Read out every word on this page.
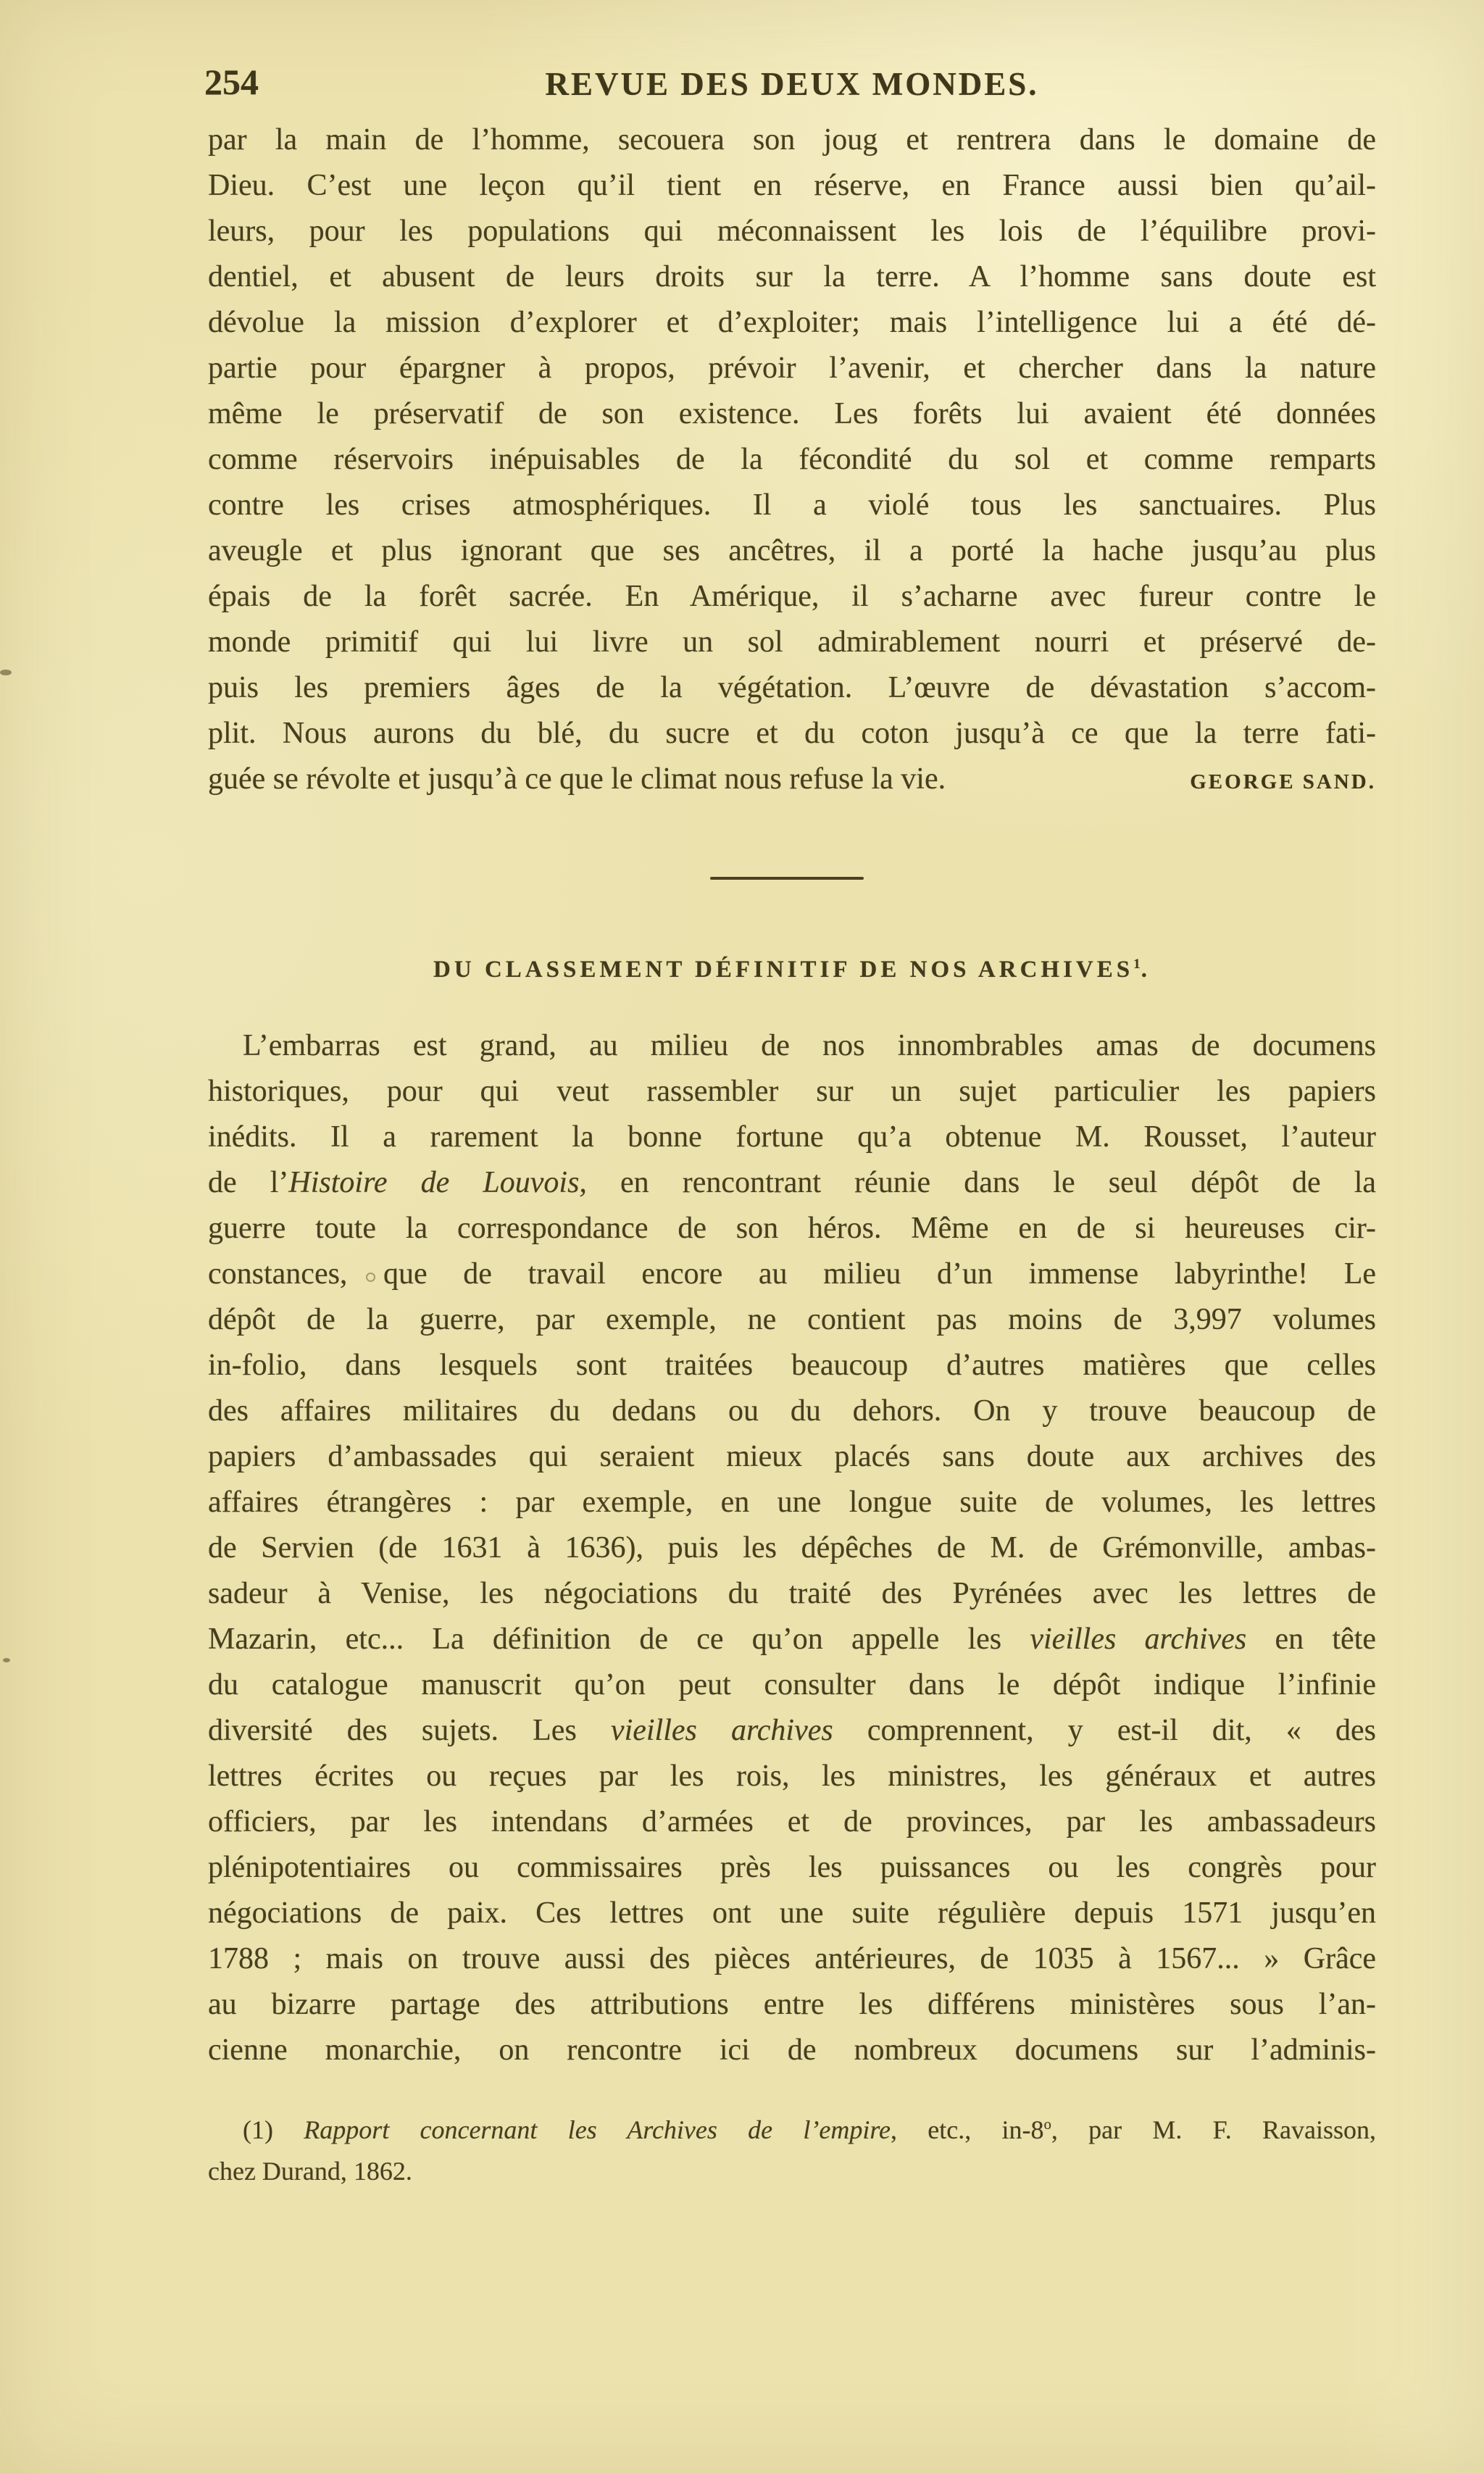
254	REVUE DES DEUX MONDES.
par la main de l’homme, secouera son joug et rentrera dans le domaine de
Dieu. C’est une leçon qu’il tient en réserve, en France aussi bien qu’ail-
leurs, pour les populations qui méconnaissent les lois de l’équilibre provi-
dentiel, et abusent de leurs droits sur la terre. A l’homme sans doute est
dévolue la mission d’explorer et d’exploiter; mais l’intelligence lui a été dé-
partie pour épargner à propos, prévoir l’avenir, et chercher dans la nature
même le préservatif de son existence. Les forêts lui avaient été données
comme réservoirs inépuisables de la fécondité du sol et comme remparts
contre les crises atmosphériques. Il a violé tous les sanctuaires. Plus
aveugle et plus ignorant que ses ancêtres, il a porté la hache jusqu’au plus
épais de la forêt sacrée. En Amérique, il s’acharne avec fureur contre le
monde primitif qui lui livre un sol admirablement nourri et préservé de-
puis les premiers âges de la végétation. L’œuvre de dévastation s’accom-
plit. Nous aurons du blé, du sucre et du coton jusqu’à ce que la terre fati-
guée se révolte et jusqu’à ce que le climat nous refuse la vie.	GEORGE SAND.
DU CLASSEMENT DÉFINITIF DE NOS ARCHIVES$^1$.
L’embarras est grand, au milieu de nos innombrables amas de documens
historiques, pour qui veut rassembler sur un sujet particulier les papiers
inédits. Il a rarement la bonne fortune qu’a obtenue M. Rousset, l’auteur
de l’Histoire de Louvois, en rencontrant réunie dans le seul dépôt de la
guerre toute la correspondance de son héros. Même en de si heureuses cir-
constances, que de travail encore au milieu d’un immense labyrinthe! Le
dépôt de la guerre, par exemple, ne contient pas moins de 3,997 volumes
in-folio, dans lesquels sont traitées beaucoup d’autres matières que celles
des affaires militaires du dedans ou du dehors. On y trouve beaucoup de
papiers d’ambassades qui seraient mieux placés sans doute aux archives des
affaires étrangères : par exemple, en une longue suite de volumes, les lettres
de Servien (de 1631 à 1636), puis les dépêches de M. de Grémonville, ambas-
sadeur à Venise, les négociations du traité des Pyrénées avec les lettres de
Mazarin, etc... La définition de ce qu’on appelle les vieilles archives en tête
du catalogue manuscrit qu’on peut consulter dans le dépôt indique l’infinie
diversité des sujets. Les vieilles archives comprennent, y est-il dit, « des
lettres écrites ou reçues par les rois, les ministres, les généraux et autres
officiers, par les intendans d’armées et de provinces, par les ambassadeurs
plénipotentiaires ou commissaires près les puissances ou les congrès pour
négociations de paix. Ces lettres ont une suite régulière depuis 1571 jusqu’en
1788 ; mais on trouve aussi des pièces antérieures, de 1035 à 1567... » Grâce
au bizarre partage des attributions entre les différens ministères sous l’an-
cienne monarchie, on rencontre ici de nombreux documens sur l’adminis-
(1) Rapport concernant les Archives de l’empire, etc., in-8$^o$, par M. F. Ravaisson,
chez Durand, 1862.
